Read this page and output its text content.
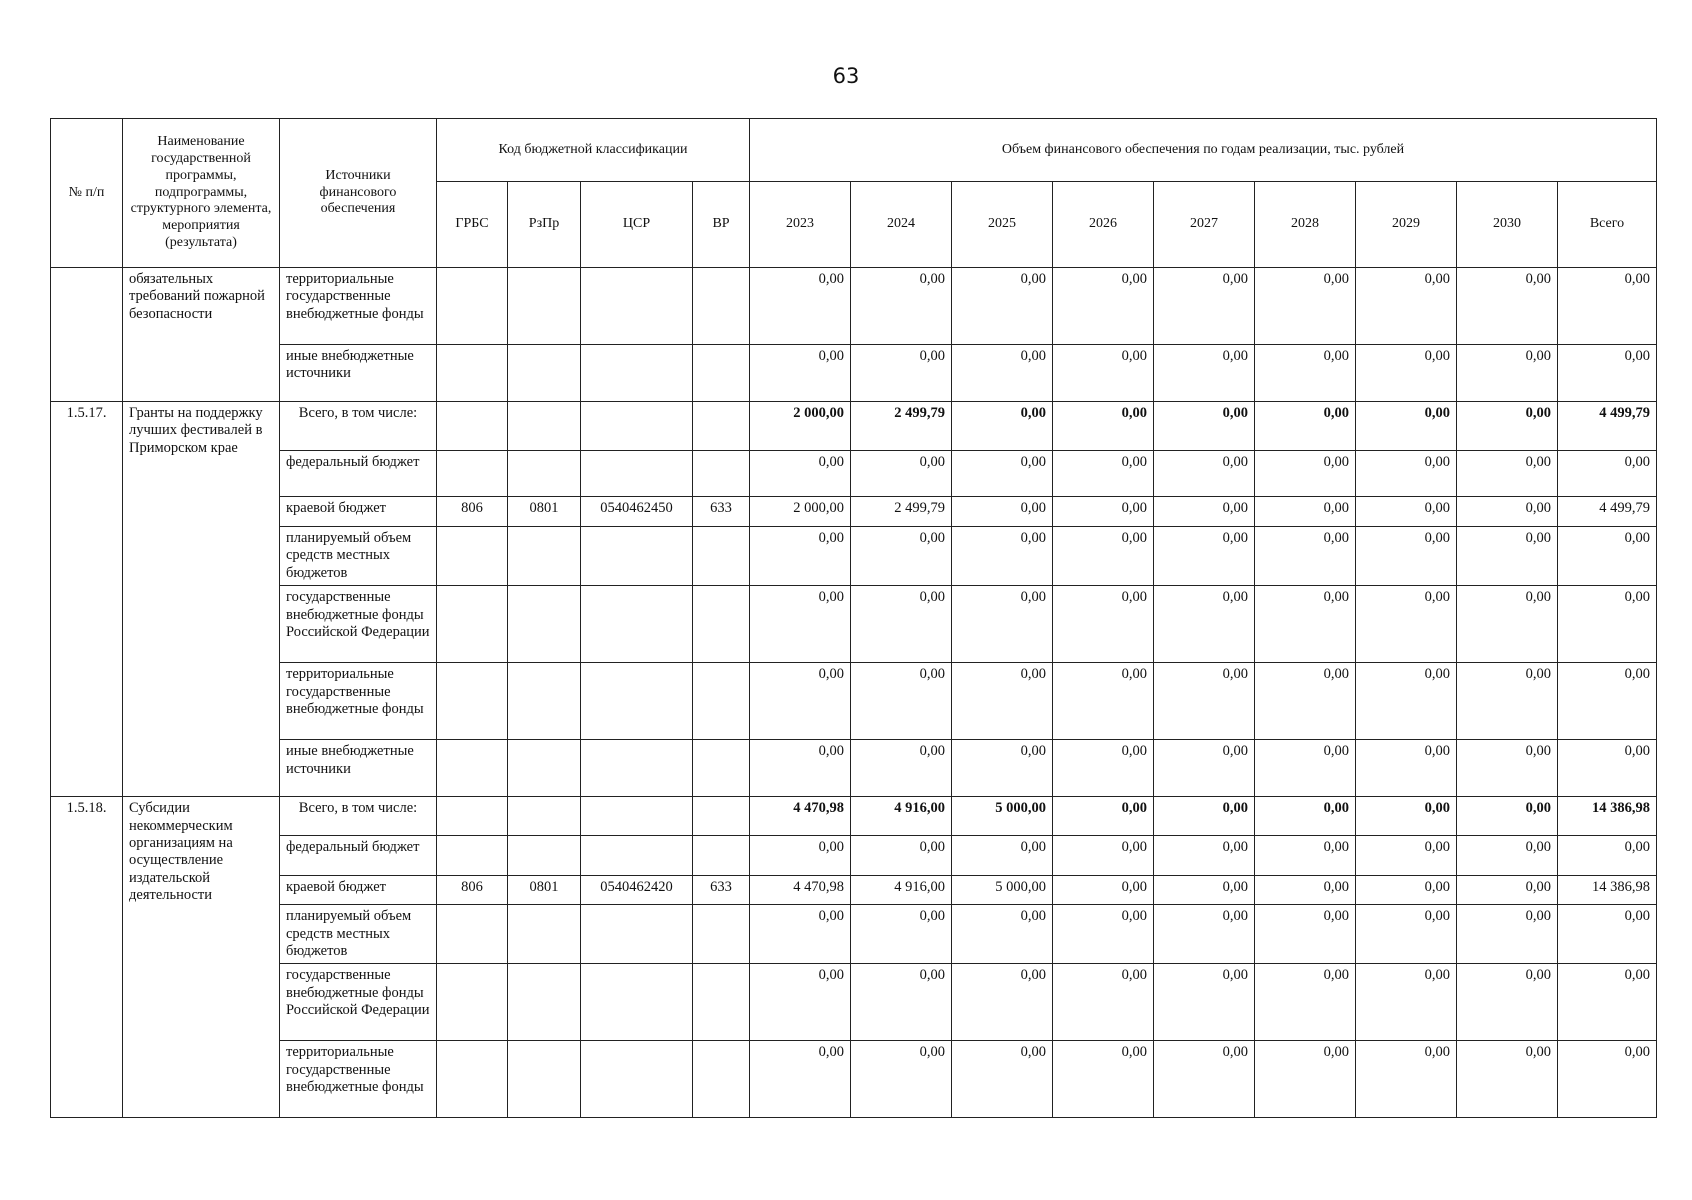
63
№ п/п	Наименование государственной программы, подпрограммы, структурного элемента, мероприятия (результата)	Источники финансового обеспечения	Код бюджетной классификации				Объем финансового обеспечения по годам реализации, тыс. рублей								
			ГРБС	РзПр	ЦСР	ВР	2023	2024	2025	2026	2027	2028	2029	2030	Всего
	обязательных требований пожарной безопасности	территориальные государственные внебюджетные фонды					0,00	0,00	0,00	0,00	0,00	0,00	0,00	0,00	0,00
		иные внебюджетные источники					0,00	0,00	0,00	0,00	0,00	0,00	0,00	0,00	0,00
1.5.17.	Гранты на поддержку лучших фестивалей в Приморском крае	Всего, в том числе:					2 000,00	2 499,79	0,00	0,00	0,00	0,00	0,00	0,00	4 499,79
		федеральный бюджет					0,00	0,00	0,00	0,00	0,00	0,00	0,00	0,00	0,00
		краевой бюджет	806	0801	0540462450	633	2 000,00	2 499,79	0,00	0,00	0,00	0,00	0,00	0,00	4 499,79
		планируемый объем средств местных бюджетов					0,00	0,00	0,00	0,00	0,00	0,00	0,00	0,00	0,00
		государственные внебюджетные фонды Российской Федерации					0,00	0,00	0,00	0,00	0,00	0,00	0,00	0,00	0,00
		территориальные государственные внебюджетные фонды					0,00	0,00	0,00	0,00	0,00	0,00	0,00	0,00	0,00
		иные внебюджетные источники					0,00	0,00	0,00	0,00	0,00	0,00	0,00	0,00	0,00
1.5.18.	Субсидии некоммерческим организациям на осуществление издательской деятельности	Всего, в том числе:					4 470,98	4 916,00	5 000,00	0,00	0,00	0,00	0,00	0,00	14 386,98
		федеральный бюджет					0,00	0,00	0,00	0,00	0,00	0,00	0,00	0,00	0,00
		краевой бюджет	806	0801	0540462420	633	4 470,98	4 916,00	5 000,00	0,00	0,00	0,00	0,00	0,00	14 386,98
		планируемый объем средств местных бюджетов					0,00	0,00	0,00	0,00	0,00	0,00	0,00	0,00	0,00
		государственные внебюджетные фонды Российской Федерации					0,00	0,00	0,00	0,00	0,00	0,00	0,00	0,00	0,00
		территориальные государственные внебюджетные фонды					0,00	0,00	0,00	0,00	0,00	0,00	0,00	0,00	0,00
